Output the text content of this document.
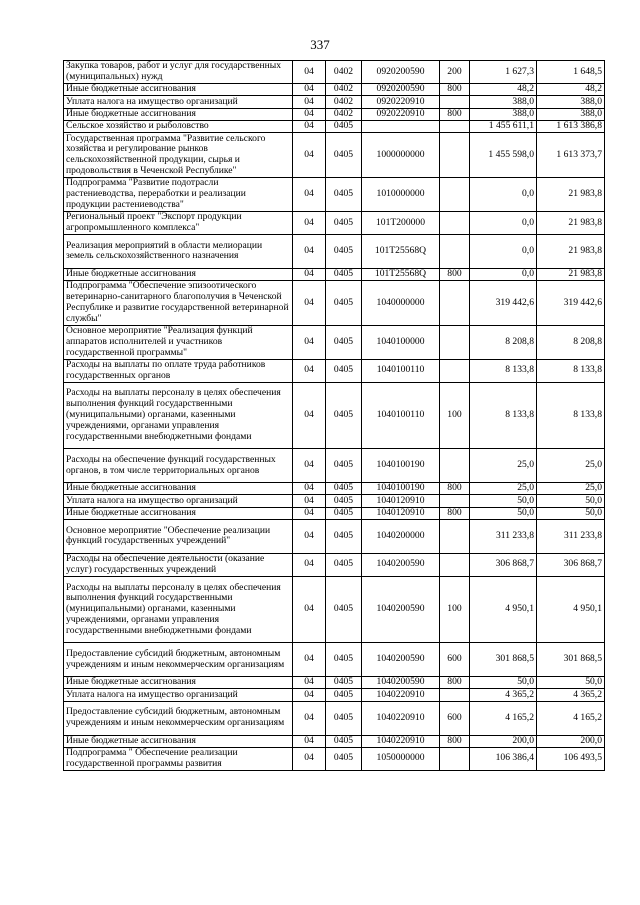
337
Закупка товаров, работ и услуг для государственных (муниципальных) нужд	04	0402	0920200590	200	1 627,3	1 648,5
Иные бюджетные ассигнования	04	0402	0920200590	800	48,2	48,2
Уплата налога на имущество организаций	04	0402	0920220910		388,0	388,0
Иные бюджетные ассигнования	04	0402	0920220910	800	388,0	388,0
Сельское хозяйство и рыболовство	04	0405			1 455 611,1	1 613 386,8
Государственная программа "Развитие сельского хозяйства и регулирование рынков сельскохозяйственной продукции, сырья и продовольствия в Чеченской Республике"	04	0405	1000000000		1 455 598,0	1 613 373,7
Подпрограмма "Развитие подотрасли растениеводства, переработки и реализации продукции растениеводства"	04	0405	1010000000		0,0	21 983,8
Региональный проект "Экспорт продукции агропромышленного комплекса"	04	0405	101T200000		0,0	21 983,8
Реализация мероприятий в области мелиорации земель сельскохозяйственного назначения	04	0405	101T25568Q		0,0	21 983,8
Иные бюджетные ассигнования	04	0405	101T25568Q	800	0,0	21 983,8
Подпрограмма "Обеспечение эпизоотического ветеринарно-санитарного благополучия в Чеченской Республике и развитие государственной ветеринарной службы"	04	0405	1040000000		319 442,6	319 442,6
Основное мероприятие "Реализация функций аппаратов исполнителей и участников государственной программы"	04	0405	1040100000		8 208,8	8 208,8
Расходы на выплаты по оплате труда работников государственных органов	04	0405	1040100110		8 133,8	8 133,8
Расходы на выплаты персоналу в целях обеспечения выполнения функций государственными (муниципальными) органами, казенными учреждениями, органами управления государственными внебюджетными фондами	04	0405	1040100110	100	8 133,8	8 133,8
Расходы на обеспечение функций государственных органов, в том числе территориальных органов	04	0405	1040100190		25,0	25,0
Иные бюджетные ассигнования	04	0405	1040100190	800	25,0	25,0
Уплата налога на имущество организаций	04	0405	1040120910		50,0	50,0
Иные бюджетные ассигнования	04	0405	1040120910	800	50,0	50,0
Основное мероприятие "Обеспечение реализации функций государственных учреждений"	04	0405	1040200000		311 233,8	311 233,8
Расходы на обеспечение деятельности (оказание услуг) государственных учреждений	04	0405	1040200590		306 868,7	306 868,7
Расходы на выплаты персоналу в целях обеспечения выполнения функций государственными (муниципальными) органами, казенными учреждениями, органами управления государственными внебюджетными фондами	04	0405	1040200590	100	4 950,1	4 950,1
Предоставление субсидий бюджетным, автономным учреждениям и иным некоммерческим организациям	04	0405	1040200590	600	301 868,5	301 868,5
Иные бюджетные ассигнования	04	0405	1040200590	800	50,0	50,0
Уплата налога на имущество организаций	04	0405	1040220910		4 365,2	4 365,2
Предоставление субсидий бюджетным, автономным учреждениям и иным некоммерческим организациям	04	0405	1040220910	600	4 165,2	4 165,2
Иные бюджетные ассигнования	04	0405	1040220910	800	200,0	200,0
Подпрограмма " Обеспечение реализации государственной программы развития	04	0405	1050000000		106 386,4	106 493,5
